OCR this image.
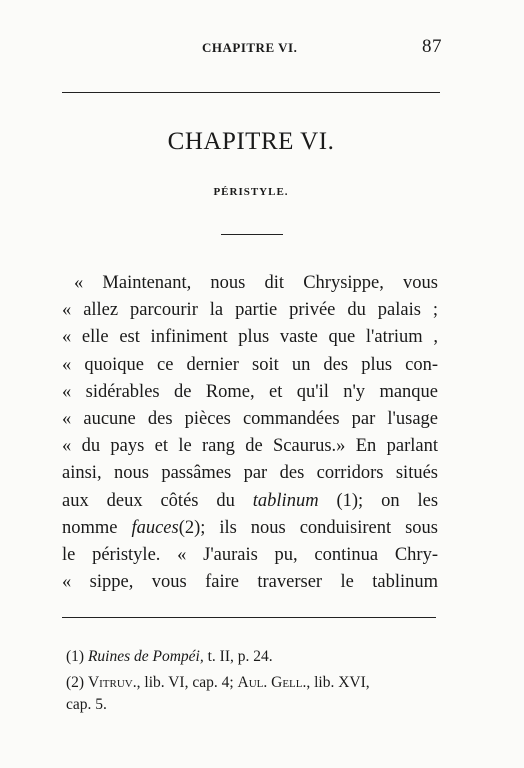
CHAPITRE VI.	87
CHAPITRE VI.
PÉRISTYLE.
« Maintenant, nous dit Chrysippe, vous
« allez parcourir la partie privée du palais ;
« elle est infiniment plus vaste que l'atrium ,
« quoique ce dernier soit un des plus con-
« sidérables de Rome, et qu'il n'y manque
« aucune des pièces commandées par l'usage
« du pays et le rang de Scaurus.» En parlant
ainsi, nous passâmes par des corridors situés
aux deux côtés du tablinum (1); on les
nomme fauces(2); ils nous conduisirent sous
le péristyle. « J'aurais pu, continua Chry-
« sippe, vous faire traverser le tablinum
(1) Ruines de Pompéi, t. II, p. 24.
(2) Vitruv., lib. VI, cap. 4; Aul. Gell., lib. XVI,
cap. 5.
